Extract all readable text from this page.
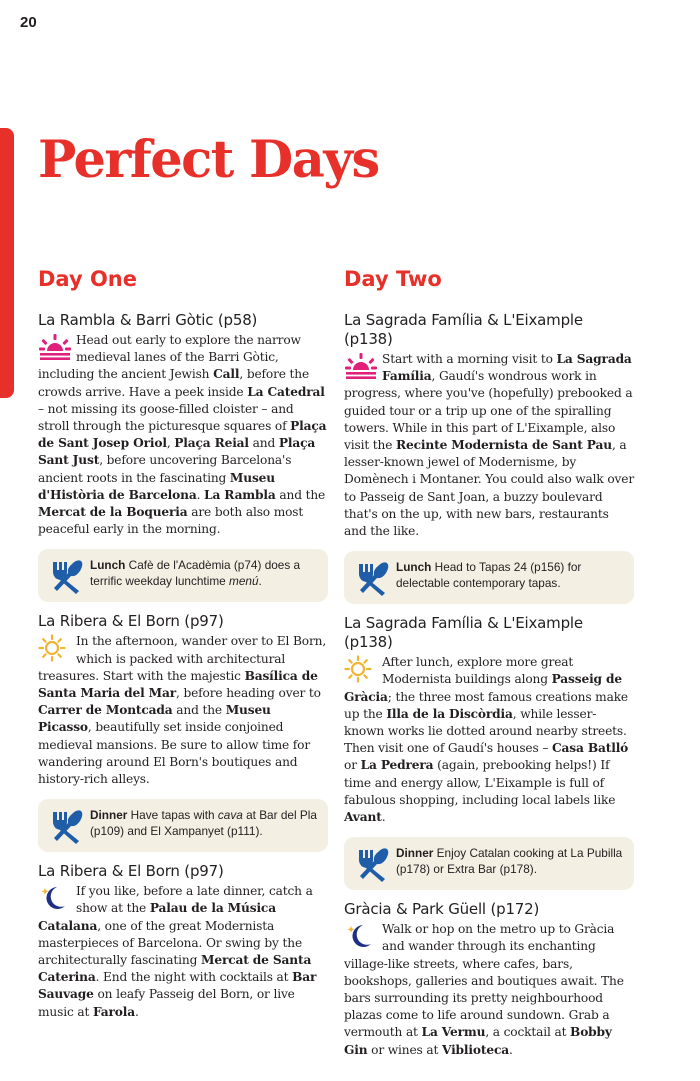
20
Perfect Days
Day One
La Rambla & Barri Gòtic (p58)

Head out early to explore the narrow medieval lanes of the Barri Gòtic, including the ancient Jewish Call, before the crowds arrive. Have a peek inside La Catedral – not missing its goose-filled cloister – and stroll through the picturesque squares of Plaça de Sant Josep Oriol, Plaça Reial and Plaça Sant Just, before uncovering Barcelona's ancient roots in the fascinating Museu d'Història de Barcelona. La Rambla and the Mercat de la Boqueria are both also most peaceful early in the morning.

Lunch Cafè de l'Acadèmia (p74) does a terrific weekday lunchtime menú.
La Ribera & El Born (p97)

In the afternoon, wander over to El Born, which is packed with architectural treasures. Start with the majestic Basílica de Santa Maria del Mar, before heading over to Carrer de Montcada and the Museu Picasso, beautifully set inside conjoined medieval mansions. Be sure to allow time for wandering around El Born's boutiques and history-rich alleys.

Dinner Have tapas with cava at Bar del Pla (p109) and El Xampanyet (p111).
La Ribera & El Born (p97)

If you like, before a late dinner, catch a show at the Palau de la Música Catalana, one of the great Modernista masterpieces of Barcelona. Or swing by the architecturally fascinating Mercat de Santa Caterina. End the night with cocktails at Bar Sauvage on leafy Passeig del Born, or live music at Farola.

Day Two
La Sagrada Família & L'Eixample (p138)

Start with a morning visit to La Sagrada Família, Gaudí's wondrous work in progress, where you've (hopefully) prebooked a guided tour or a trip up one of the spiralling towers. While in this part of L'Eixample, also visit the Recinte Modernista de Sant Pau, a lesser-known jewel of Modernisme, by Domènech i Montaner. You could also walk over to Passeig de Sant Joan, a buzzy boulevard that's on the up, with new bars, restaurants and the like.

Lunch Head to Tapas 24 (p156) for delectable contemporary tapas.
La Sagrada Família & L'Eixample (p138)

After lunch, explore more great Modernista buildings along Passeig de Gràcia; the three most famous creations make up the Illa de la Discòrdia, while lesser-known works lie dotted around nearby streets. Then visit one of Gaudí's houses – Casa Batlló or La Pedrera (again, prebooking helps!) If time and energy allow, L'Eixample is full of fabulous shopping, including local labels like Avant.

Dinner Enjoy Catalan cooking at La Pubilla (p178) or Extra Bar (p178).
Gràcia & Park Güell (p172)

Walk or hop on the metro up to Gràcia and wander through its enchanting village-like streets, where cafes, bars, bookshops, galleries and boutiques await. The bars surrounding its pretty neighbourhood plazas come to life around sundown. Grab a vermouth at La Vermu, a cocktail at Bobby Gin or wines at Viblioteca.
